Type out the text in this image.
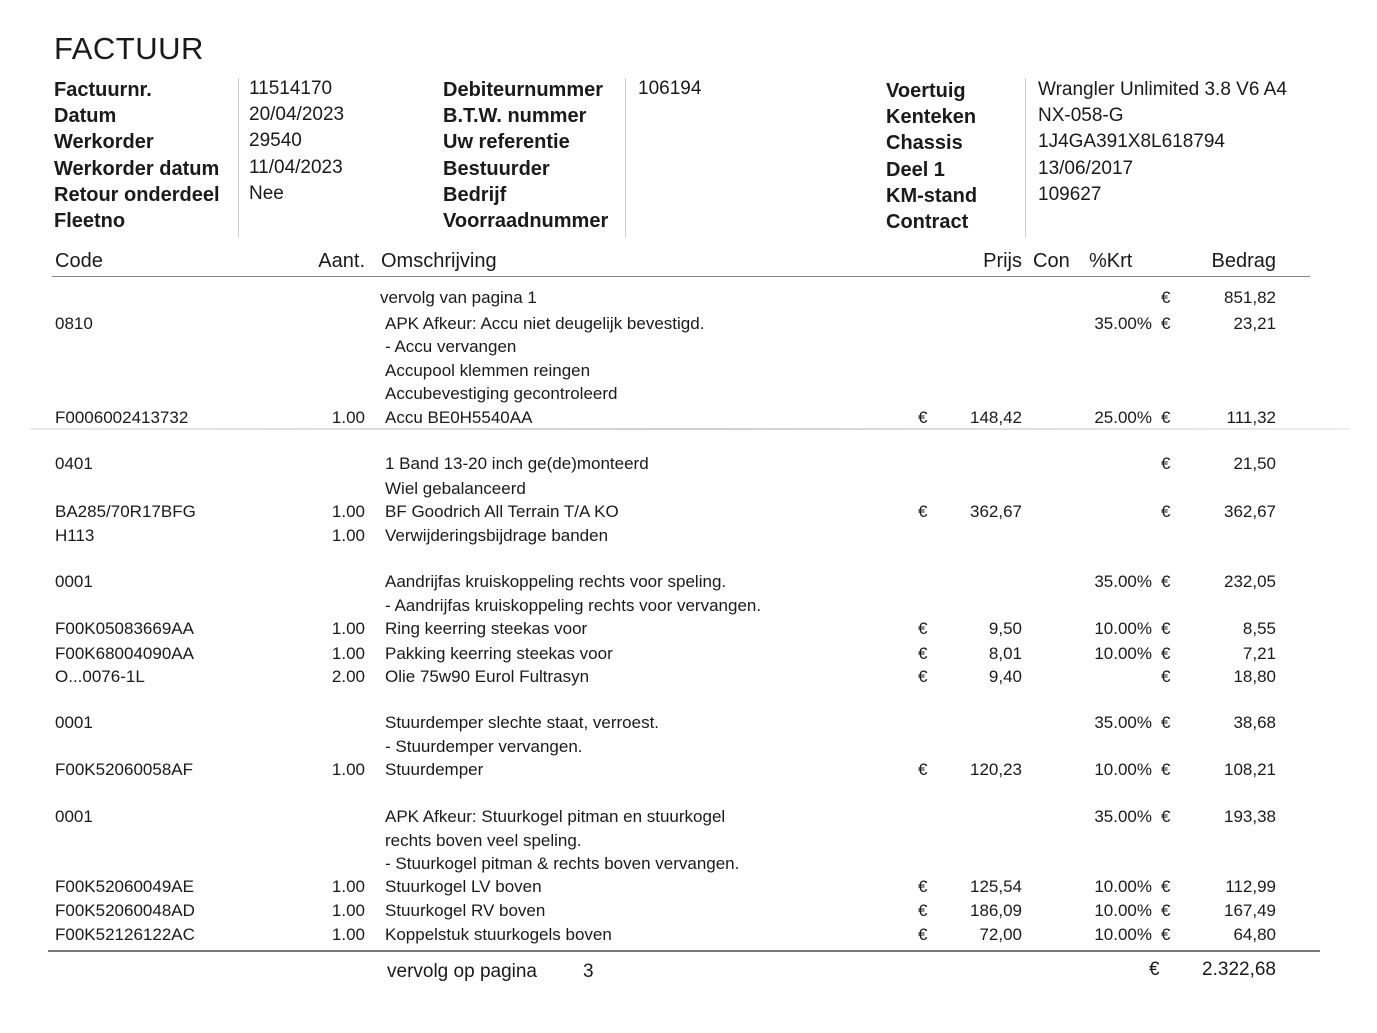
FACTUUR
Factuurnr.	11514170
Datum	20/04/2023
Werkorder	29540
Werkorder datum 11/04/2023
Retour onderdeel Nee
Fleetno
Debiteurnummer 106194
B.T.W. nummer
Uw referentie
Bestuurder
Bedrijf
Voorraadnummer
Voertuig	Wrangler Unlimited 3.8 V6 A4
Kenteken	NX-058-G
Chassis	1J4GA391X8L618794
Deel 1	13/06/2017
KM-stand	109627
Contract
Code	Aant. Omschrijving	Prijs Con %Krt	Bedrag
vervolg van pagina 1	€	851,82
0810	APK Afkeur: Accu niet deugelijk bevestigd.	35.00% €	23,21
- Accu vervangen
Accupool klemmen reingen
Accubevestiging gecontroleerd
F0006002413732	1.00 Accu BE0H5540AA	€	148,42	25.00% €	111,32
0401	1 Band 13-20 inch ge(de)monteerd	€	21,50
Wiel gebalanceerd
BA285/70R17BFG	1.00 BF Goodrich All Terrain T/A KO	€	362,67	€	362,67
H113	1.00 Verwijderingsbijdrage banden
0001	Aandrijfas kruiskoppeling rechts voor speling.	35.00% €	232,05
- Aandrijfas kruiskoppeling rechts voor vervangen.
F00K05083669AA	1.00 Ring keerring steekas voor	€	9,50	10.00% €	8,55
F00K68004090AA	1.00 Pakking keerring steekas voor	€	8,01	10.00% €	7,21
O...0076-1L	2.00 Olie 75w90 Eurol Fultrasyn	€	9,40	€	18,80
0001	Stuurdemper slechte staat, verroest.	35.00% €	38,68
- Stuurdemper vervangen.
F00K52060058AF	1.00 Stuurdemper	€	120,23	10.00% €	108,21
0001	APK Afkeur: Stuurkogel pitman en stuurkogel	35.00% €	193,38
rechts boven veel speling.
- Stuurkogel pitman & rechts boven vervangen.
F00K52060049AE	1.00 Stuurkogel LV boven	€	125,54	10.00% €	112,99
F00K52060048AD	1.00 Stuurkogel RV boven	€	186,09	10.00% €	167,49
F00K52126122AC	1.00 Koppelstuk stuurkogels boven	€	72,00	10.00% €	64,80
vervolg op pagina 3	€ 2.322,68
